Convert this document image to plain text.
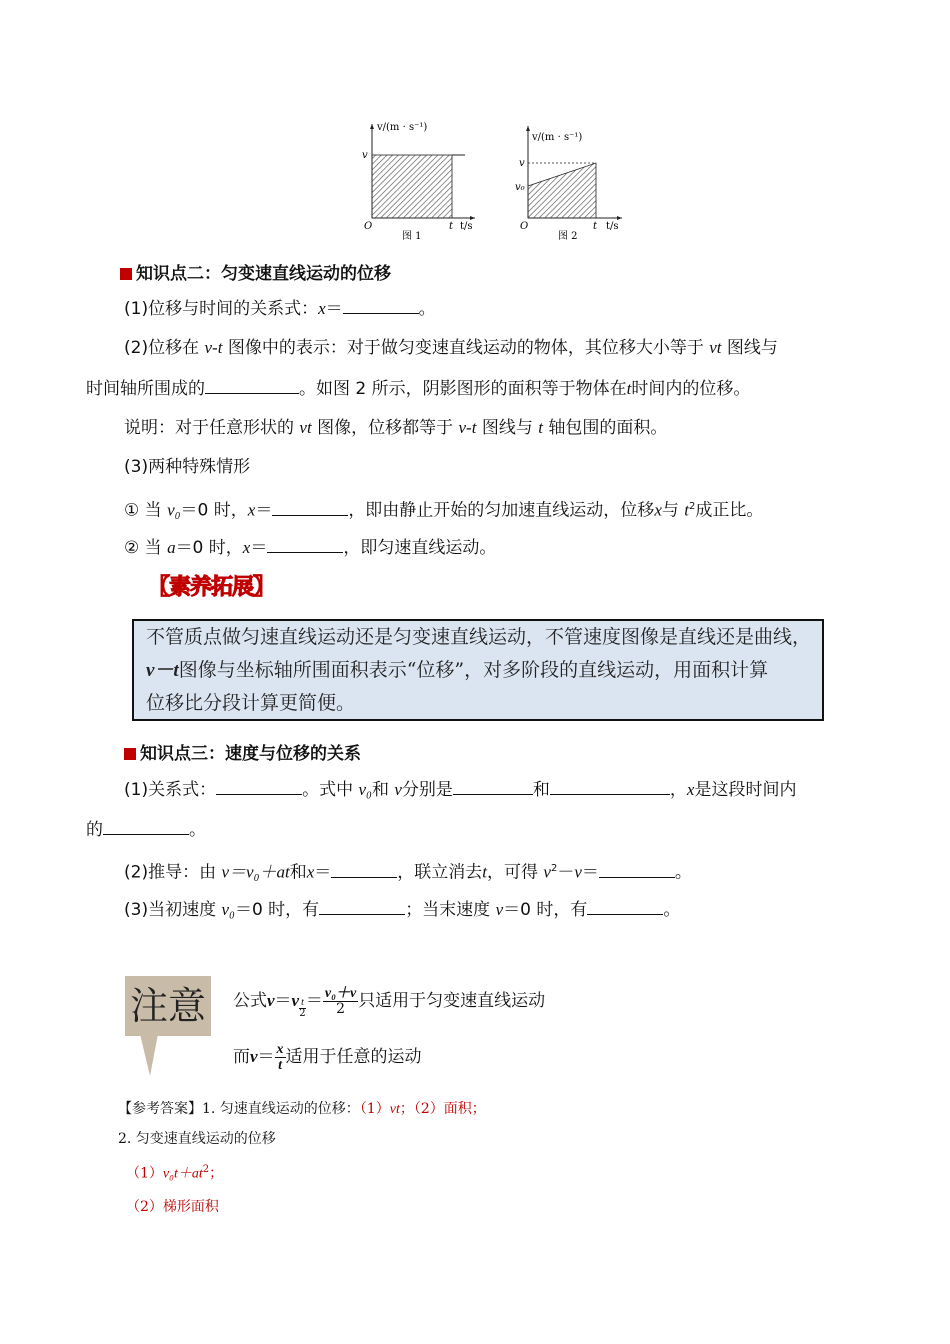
v/(m · s⁻¹)
v
O	t t/s
图 1
v/(m · s⁻¹)
v
v₀
O	t t/s
图 2
知识点二：匀变速直线运动的位移
(1)位移与时间的关系式：x＝	。
(2)位移在 v-t 图像中的表示：对于做匀变速直线运动的物体，其位移大小等于 vt 图线与
时间轴所围成的	。如图 2 所示，阴影图形的面积等于物体在t时间内的位移。
说明：对于任意形状的 vt 图像，位移都等于 v-t 图线与 t 轴包围的面积。
(3)两种特殊情形
① 当 v₀＝0 时，x＝	，即由静止开始的匀加速直线运动，位移x与 $t^2$成正比。
② 当 a＝0 时，x＝	，即匀速直线运动。
〖素养拓展〗
不管质点做匀速直线运动还是匀变速直线运动，不管速度图像是直线还是曲线，
v－t图像与坐标轴所围面积表示“位移”，对多阶段的直线运动，用面积计算
位移比分段计算更简便。
知识点三：速度与位移的关系
(1)关系式：	。式中 v₀和 v分别是	和	，x是这段时间内
的	。
(2)推导：由 v＝v₀＋at和x＝	，联立消去t，可得 $v^2-v=$	。
(3)当初速度 v₀＝0 时，有	；当末速度 v＝0 时，有	。
注意 公式$v=v \frac{t}{2} = \frac{\text{v₀＋v}}{2}$ 只适用于匀变速直线运动
而$v= \frac{x}{t}$ 适用于任意的运动
【参考答案】1. 匀速直线运动的位移：（1）vt；（2）面积；
2. 匀变速直线运动的位移
$(1)v_0t+at^2$；
（2）梯形面积
